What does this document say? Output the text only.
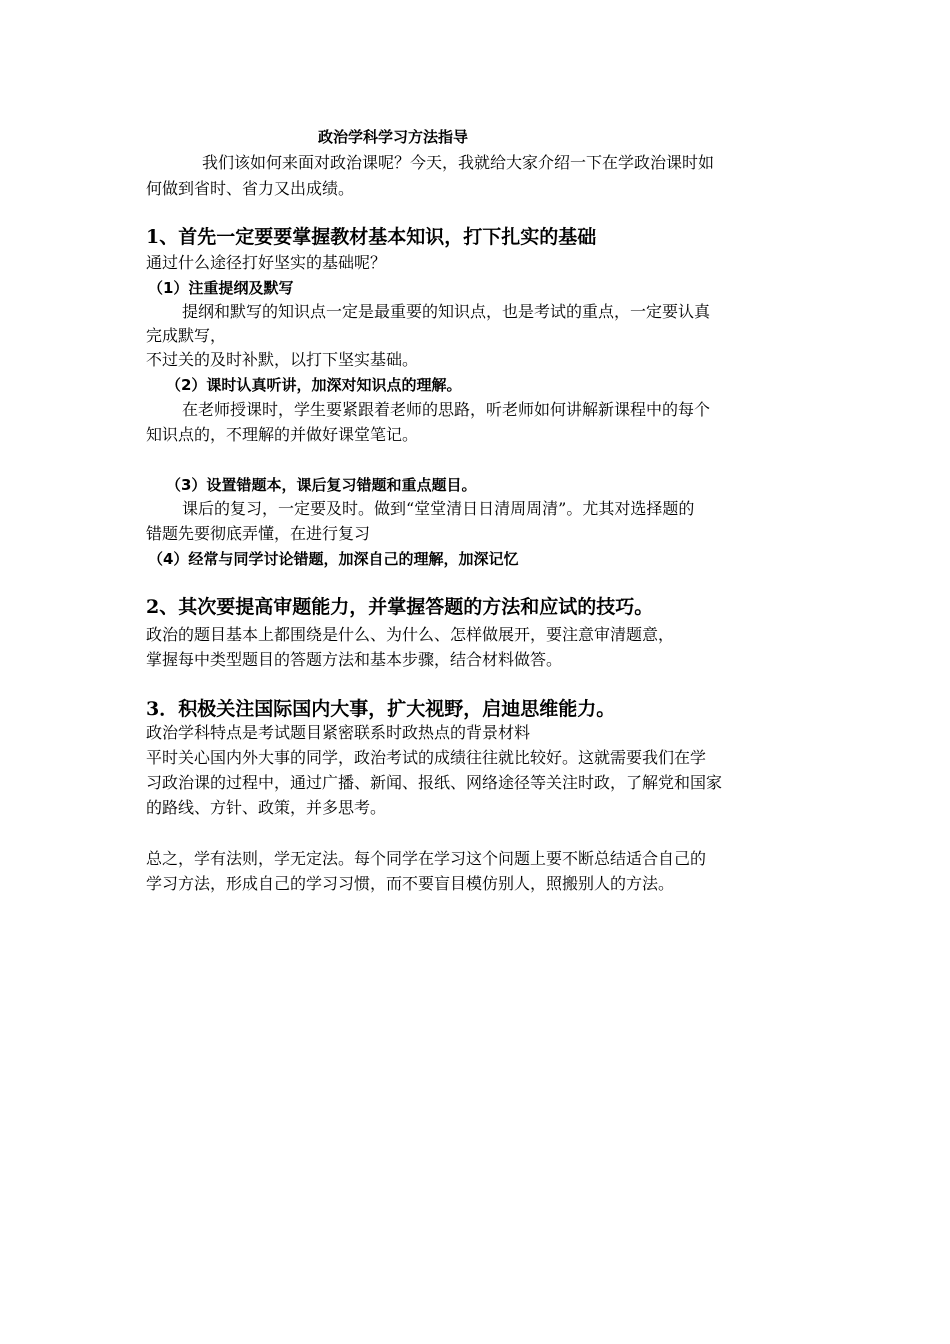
政治学科学习方法指导
我们该如何来面对政治课呢？今天，我就给大家介绍一下在学政治课时如
何做到省时、省力又出成绩。
1、首先一定要要掌握教材基本知识，打下扎实的基础
通过什么途径打好坚实的基础呢？
（1）注重提纲及默写
提纲和默写的知识点一定是最重要的知识点，也是考试的重点，一定要认真
完成默写，
不过关的及时补默，以打下坚实基础。
（2）课时认真听讲，加深对知识点的理解。
在老师授课时，学生要紧跟着老师的思路，听老师如何讲解新课程中的每个
知识点的，不理解的并做好课堂笔记。
（3）设置错题本，课后复习错题和重点题目。
课后的复习，一定要及时。做到“堂堂清日日清周周清”。尤其对选择题的
错题先要彻底弄懂，在进行复习
（4）经常与同学讨论错题，加深自己的理解，加深记忆
2、其次要提高审题能力，并掌握答题的方法和应试的技巧。
政治的题目基本上都围绕是什么、为什么、怎样做展开，要注意审清题意，
掌握每中类型题目的答题方法和基本步骤，结合材料做答。
3．积极关注国际国内大事，扩大视野，启迪思维能力。
政治学科特点是考试题目紧密联系时政热点的背景材料
平时关心国内外大事的同学，政治考试的成绩往往就比较好。这就需要我们在学
习政治课的过程中，通过广播、新闻、报纸、网络途径等关注时政，了解党和国家
的路线、方针、政策，并多思考。
总之，学有法则，学无定法。每个同学在学习这个问题上要不断总结适合自己的
学习方法，形成自己的学习习惯，而不要盲目模仿别人，照搬别人的方法。
